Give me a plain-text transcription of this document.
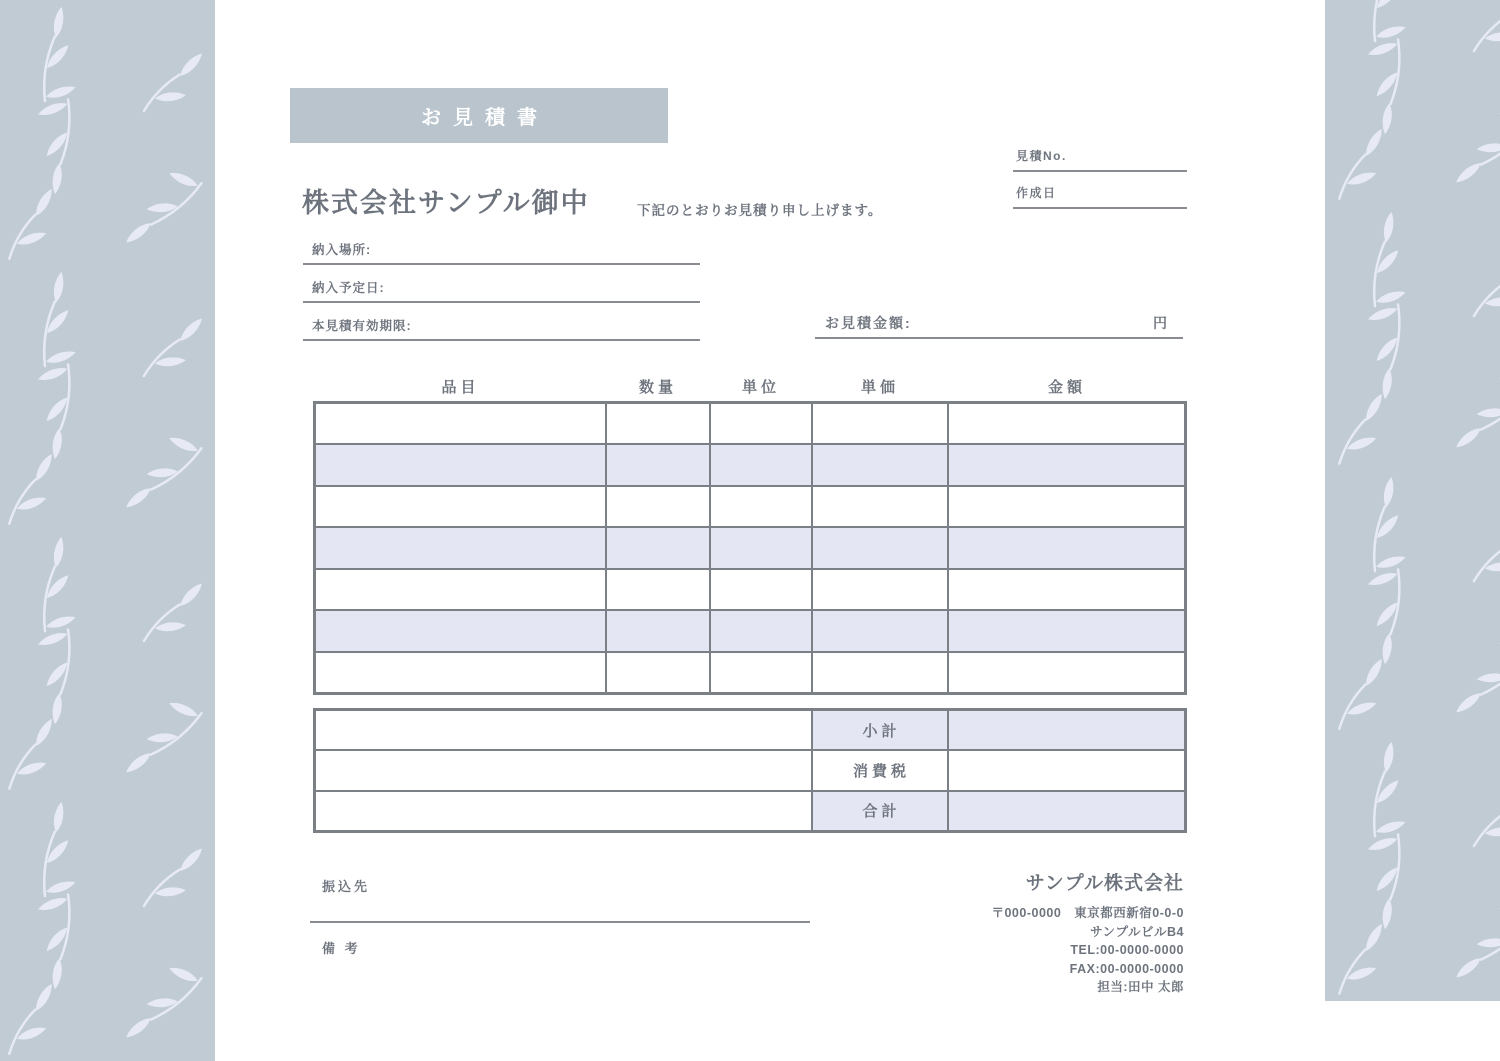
お見積書
株式会社サンプル御中	下記のとおりお見積り申し上げます。
見積No.
作成日
納入場所:
納入予定日:
本見積有効期限:	お見積金額:	円
品目	数量	単位	単価	金額

	小計	
	消費税	
	合計	
振込先
備 考
サンプル株式会社
〒000-0000　東京都西新宿0-0-0
サンプルビルB4
TEL:00-0000-0000
FAX:00-0000-0000
担当:田中 太郎
